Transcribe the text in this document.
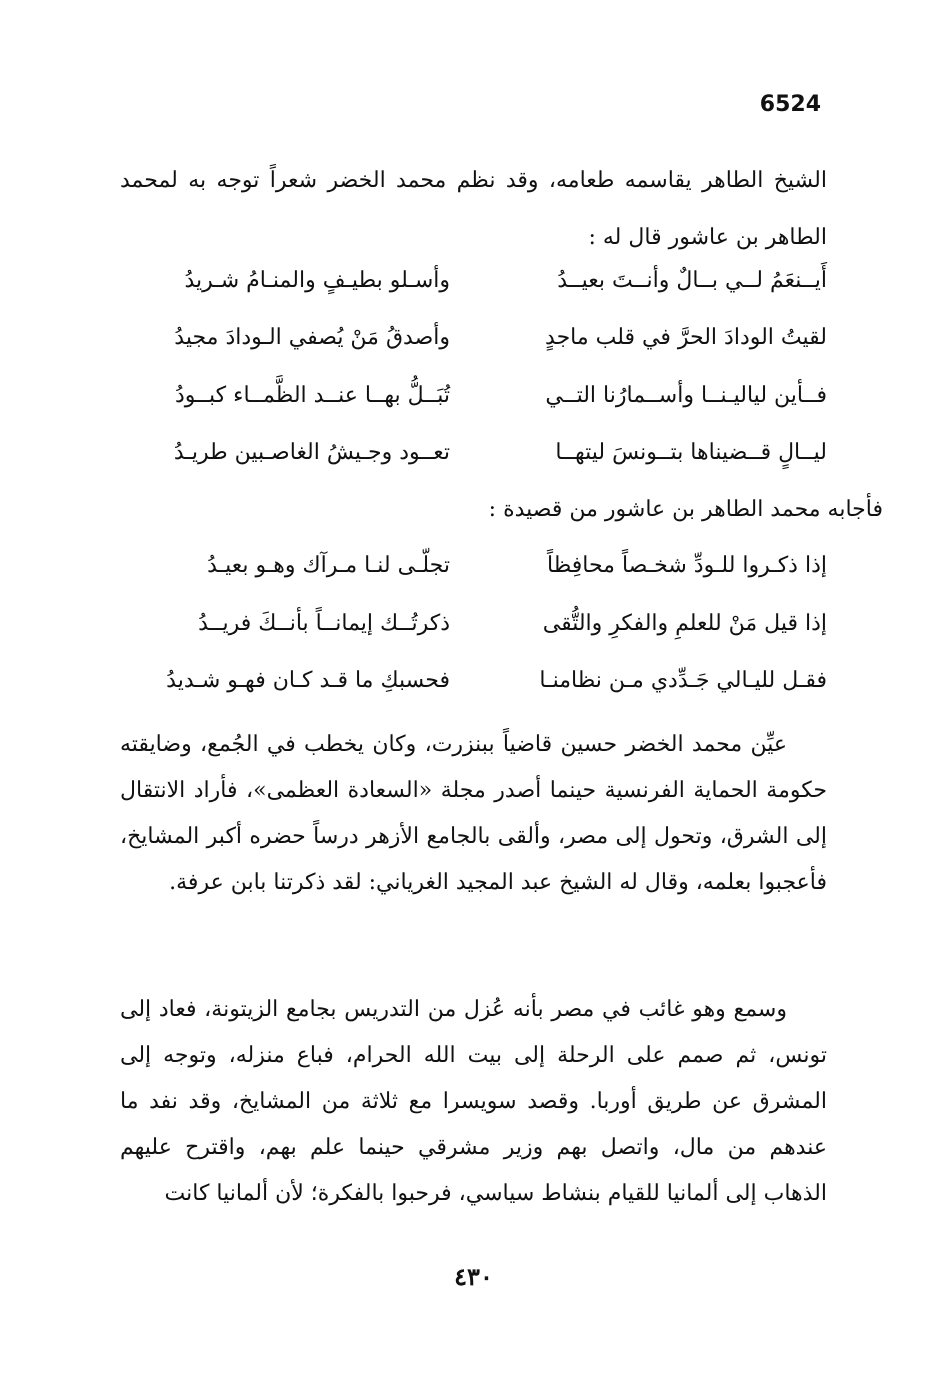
6524
الشيخ الطاهر يقاسمه طعامه، وقد نظم محمد الخضر شعراً توجه به لمحمد الطاهر بن عاشور قال له :
أَيــنعَمُ لــي بــالٌ وأنــتَ بعيــدُ
وأسـلو بطيـفٍ والمنـامُ شـريدُ
لقيتُ الودادَ الحرَّ في قلب ماجدٍ
وأصدقُ مَنْ يُصفي الـودادَ مجيدُ
فــأين لياليـنــا وأســمارُنا التــي
تُبَــلُّ بهــا عنــد الظَّمــاء كبــودُ
ليــالٍ قــضيناها بتــونسَ ليتهــا
تعــود وجـيشُ الغاصـبين طريـدُ
فأجابه محمد الطاهر بن عاشور من قصيدة :
إذا ذكـروا للـودِّ شخـصاً محافِظاً
تجلّـى لنـا مـرآك وهـو بعيـدُ
إذا قيل مَنْ للعلمِ والفكرِ والتُّقى
ذكرتُــك إيمانــاً بأنــكَ فريــدُ
فقـل لليـالي جَـدِّدي مـن نظامنـا
فحسبكِ ما قـد كـان فهـو شـديدُ
عيِّن محمد الخضر حسين قاضياً ببنزرت، وكان يخطب في الجُمع، وضايقته حكومة الحماية الفرنسية حينما أصدر مجلة «السعادة العظمى»، فأراد الانتقال إلى الشرق، وتحول إلى مصر، وألقى بالجامع الأزهر درساً حضره أكبر المشايخ، فأعجبوا بعلمه، وقال له الشيخ عبد المجيد الغرياني: لقد ذكرتنا بابن عرفة.
وسمع وهو غائب في مصر بأنه عُزل من التدريس بجامع الزيتونة، فعاد إلى تونس، ثم صمم على الرحلة إلى بيت الله الحرام، فباع منزله، وتوجه إلى المشرق عن طريق أوربا. وقصد سويسرا مع ثلاثة من المشايخ، وقد نفد ما عندهم من مال، واتصل بهم وزير مشرقي حينما علم بهم، واقترح عليهم الذهاب إلى ألمانيا للقيام بنشاط سياسي، فرحبوا بالفكرة؛ لأن ألمانيا كانت
٤٣٠
